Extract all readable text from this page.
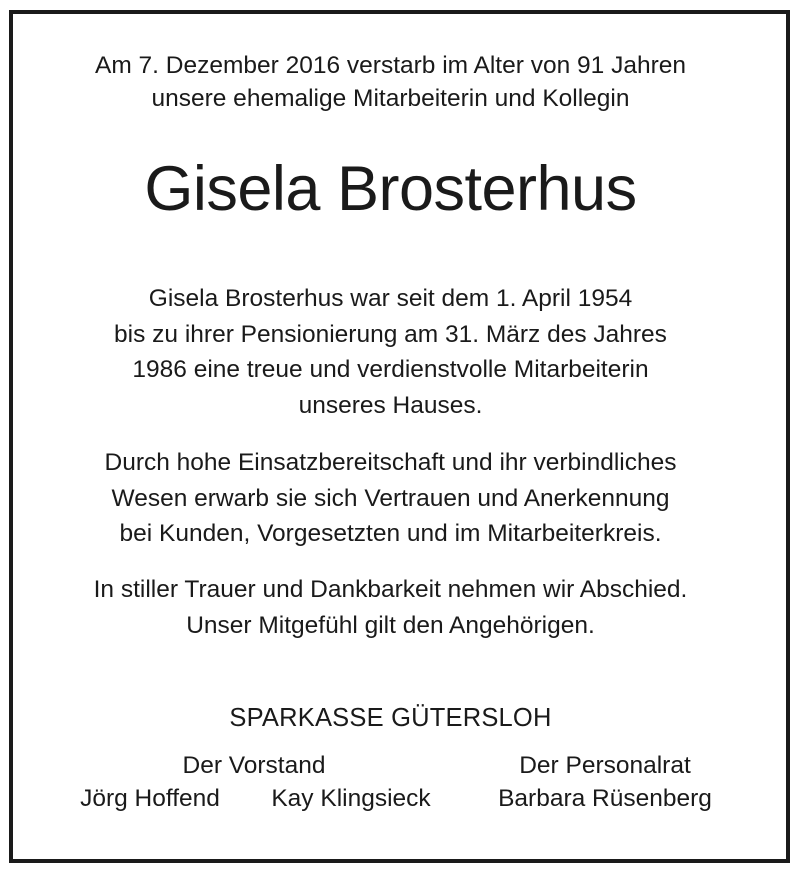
Am 7. Dezember 2016 verstarb im Alter von 91 Jahren
unsere ehemalige Mitarbeiterin und Kollegin
Gisela Brosterhus
Gisela Brosterhus war seit dem 1. April 1954
bis zu ihrer Pensionierung am 31. März des Jahres
1986 eine treue und verdienstvolle Mitarbeiterin
unseres Hauses.
Durch hohe Einsatzbereitschaft und ihr verbindliches
Wesen erwarb sie sich Vertrauen und Anerkennung
bei Kunden, Vorgesetzten und im Mitarbeiterkreis.
In stiller Trauer und Dankbarkeit nehmen wir Abschied.
Unser Mitgefühl gilt den Angehörigen.
SPARKASSE GÜTERSLOH
Der Vorstand	Der Personalrat
Jörg Hoffend	Kay Klingsieck	Barbara Rüsenberg
